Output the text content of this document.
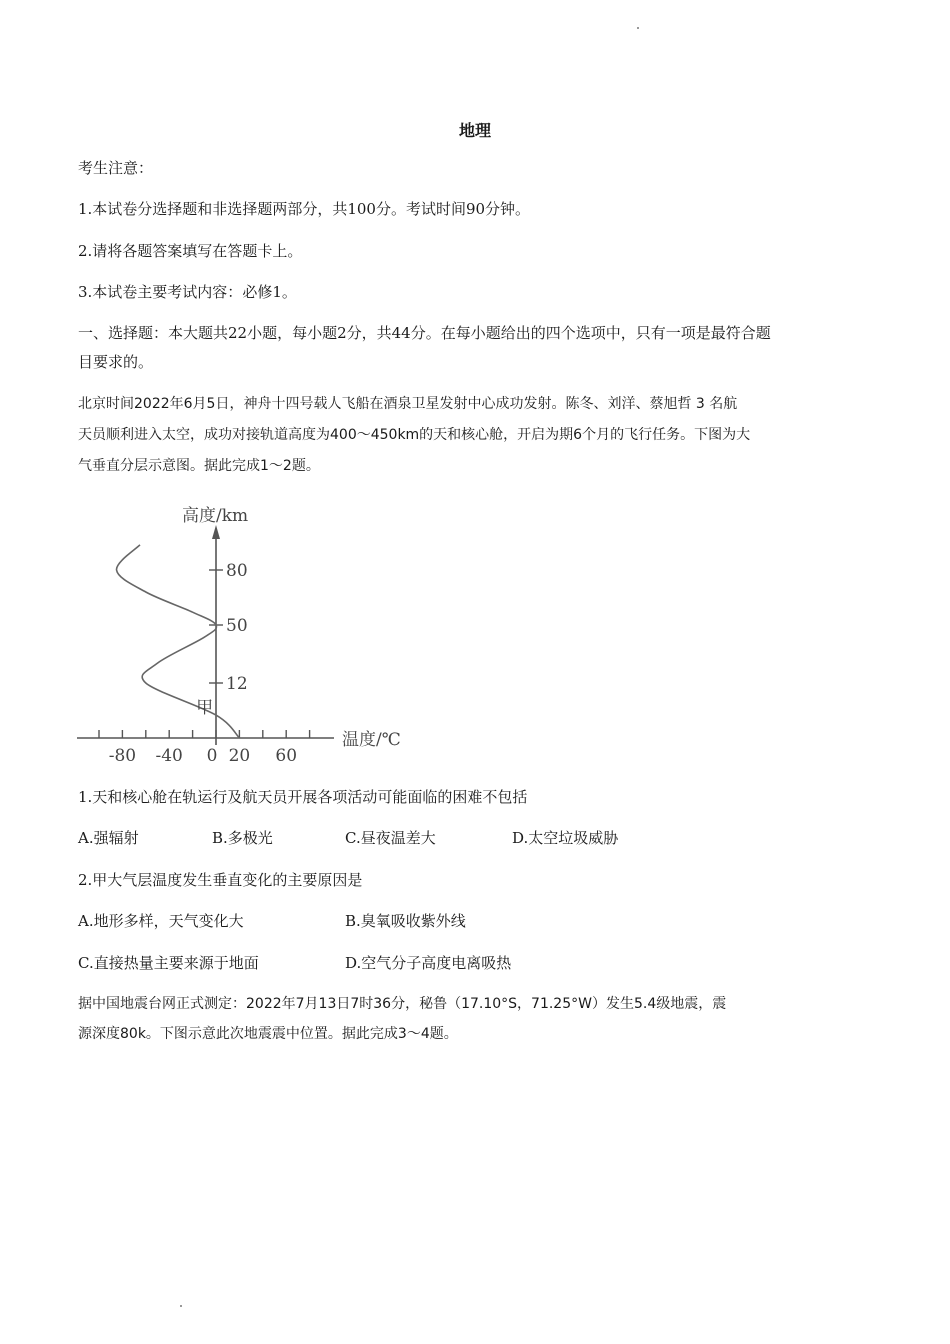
地理
考生注意：
1.本试卷分选择题和非选择题两部分，共100分。考试时间90分钟。
2.请将各题答案填写在答题卡上。
3.本试卷主要考试内容：必修1。
一、选择题：本大题共22小题，每小题2分，共44分。在每小题给出的四个选项中，只有一项是最符合题
目要求的。
北京时间2022年6月5日，神舟十四号载人飞船在酒泉卫星发射中心成功发射。陈冬、刘洋、蔡旭哲 3 名航
天员顺利进入太空，成功对接轨道高度为400～450km的天和核心舱，开启为期6个月的飞行任务。下图为大
气垂直分层示意图。据此完成1～2题。
-80 -40 0 20 60
12
50
80
高度/km
温度/℃
甲
1.天和核心舱在轨运行及航天员开展各项活动可能面临的困难不包括
A.强辐射	B.多极光	C.昼夜温差大	D.太空垃圾威胁
2.甲大气层温度发生垂直变化的主要原因是
A.地形多样，天气变化大	B.臭氧吸收紫外线
C.直接热量主要来源于地面	D.空气分子高度电离吸热
据中国地震台网正式测定：2022年7月13日7时36分，秘鲁（17.10°S，71.25°W）发生5.4级地震，震
源深度80k。下图示意此次地震震中位置。据此完成3～4题。
